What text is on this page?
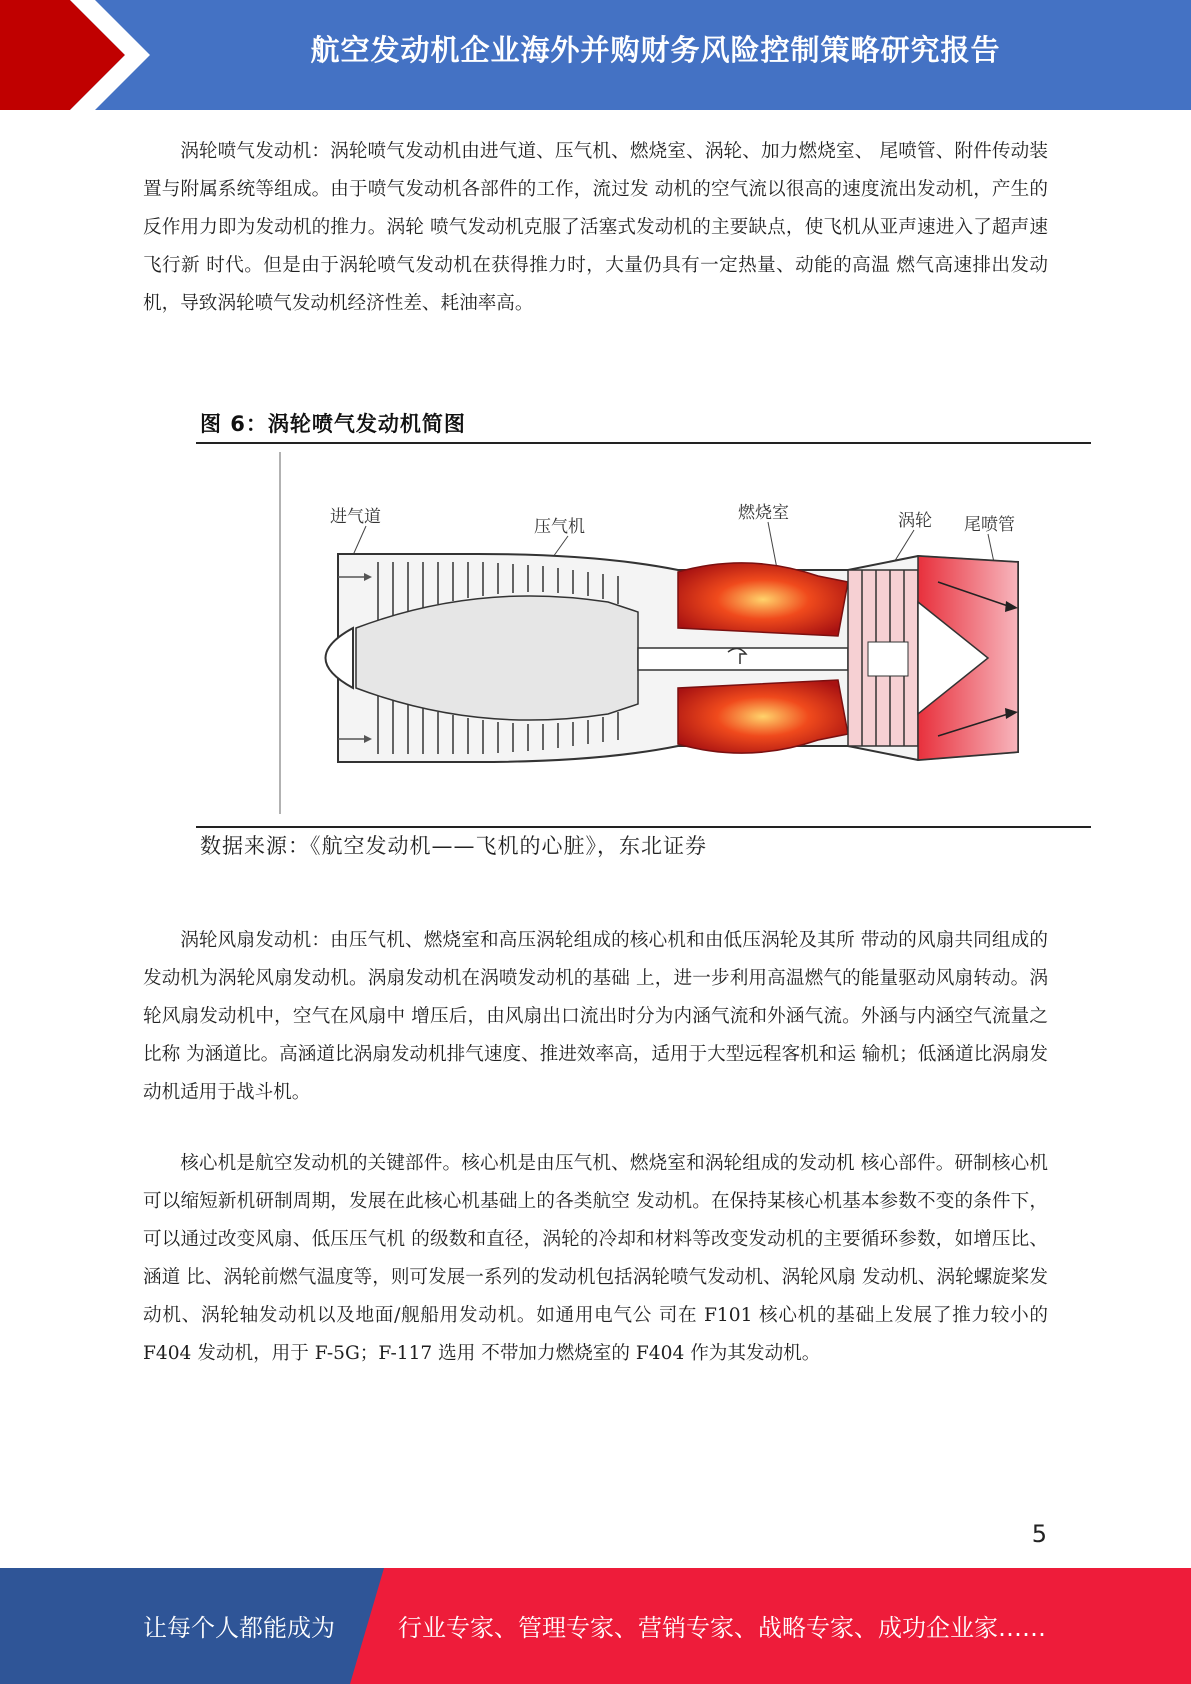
航空发动机企业海外并购财务风险控制策略研究报告

涡轮喷气发动机：涡轮喷气发动机由进气道、压气机、燃烧室、涡轮、加力燃烧室、 尾喷管、附件传动装置与附属系统等组成。由于喷气发动机各部件的工作，流过发 动机的空气流以很高的速度流出发动机，产生的反作用力即为发动机的推力。涡轮 喷气发动机克服了活塞式发动机的主要缺点，使飞机从亚声速进入了超声速飞行新 时代。但是由于涡轮喷气发动机在获得推力时，大量仍具有一定热量、动能的高温 燃气高速排出发动机，导致涡轮喷气发动机经济性差、耗油率高。

图 6：涡轮喷气发动机简图
进气道	压气机
燃烧室	涡轮 尾喷管
数据来源：《航空发动机——飞机的心脏》，东北证券

涡轮风扇发动机：由压气机、燃烧室和高压涡轮组成的核心机和由低压涡轮及其所 带动的风扇共同组成的发动机为涡轮风扇发动机。涡扇发动机在涡喷发动机的基础 上，进一步利用高温燃气的能量驱动风扇转动。涡轮风扇发动机中，空气在风扇中 增压后，由风扇出口流出时分为内涵气流和外涵气流。外涵与内涵空气流量之比称 为涵道比。高涵道比涡扇发动机排气速度、推进效率高，适用于大型远程客机和运 输机；低涵道比涡扇发动机适用于战斗机。

核心机是航空发动机的关键部件。核心机是由压气机、燃烧室和涡轮组成的发动机 核心部件。研制核心机可以缩短新机研制周期，发展在此核心机基础上的各类航空 发动机。在保持某核心机基本参数不变的条件下，可以通过改变风扇、低压压气机 的级数和直径，涡轮的冷却和材料等改变发动机的主要循环参数，如增压比、涵道 比、涡轮前燃气温度等，则可发展一系列的发动机包括涡轮喷气发动机、涡轮风扇 发动机、涡轮螺旋桨发动机、涡轮轴发动机以及地面/舰船用发动机。如通用电气公 司在 F101 核心机的基础上发展了推力较小的 F404 发动机，用于 F-5G；F-117 选用 不带加力燃烧室的 F404 作为其发动机。

5
让每个人都能成为	行业专家、管理专家、营销专家、战略专家、成功企业家……
